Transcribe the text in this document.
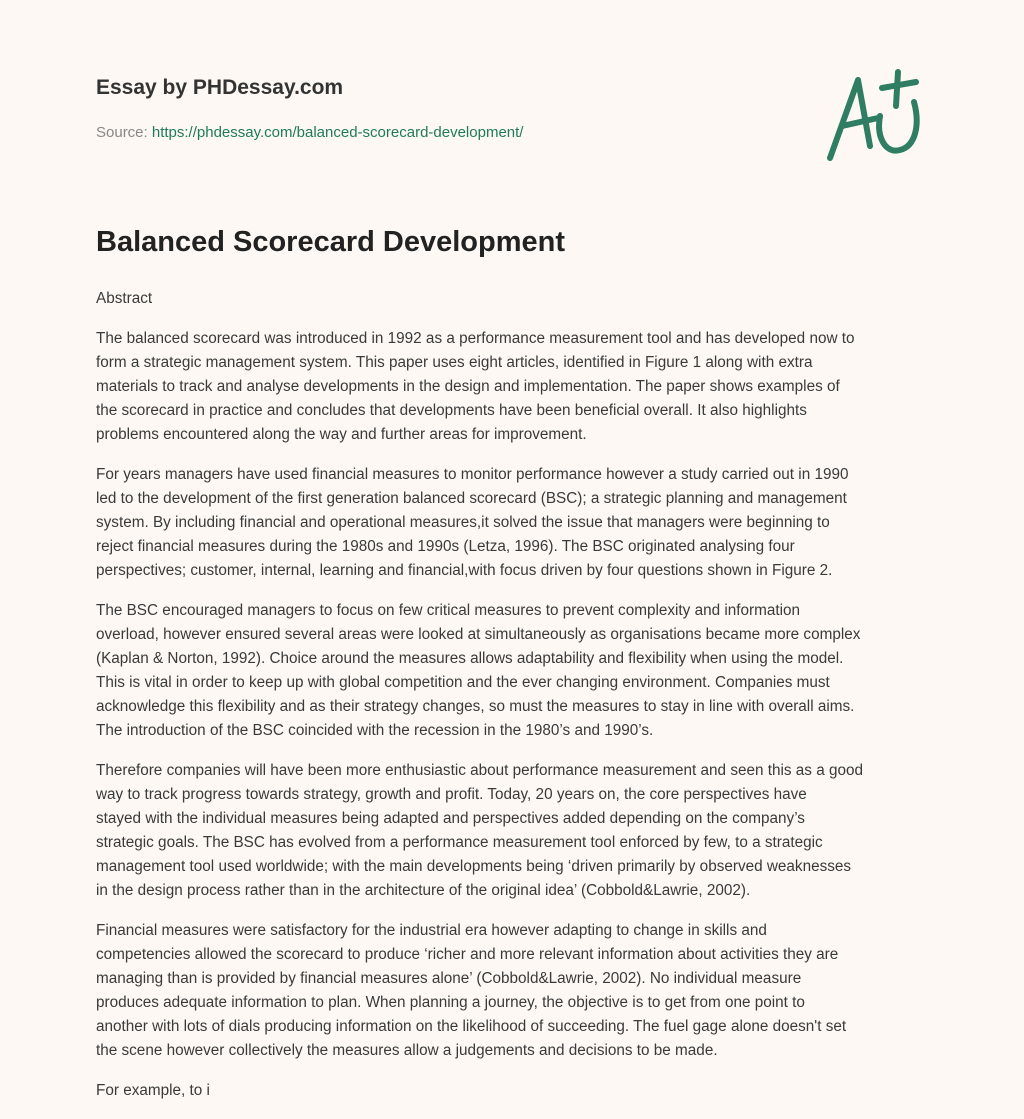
Essay by PHDessay.com
Source: https://phdessay.com/balanced-scorecard-development/
Balanced Scorecard Development

Abstract

The balanced scorecard was introduced in 1992 as a performance measurement tool and has developed now to
form a strategic management system. This paper uses eight articles, identified in Figure 1 along with extra
materials to track and analyse developments in the design and implementation. The paper shows examples of
the scorecard in practice and concludes that developments have been beneficial overall. It also highlights
problems encountered along the way and further areas for improvement.

For years managers have used financial measures to monitor performance however a study carried out in 1990
led to the development of the first generation balanced scorecard (BSC); a strategic planning and management
system. By including financial and operational measures,it solved the issue that managers were beginning to
reject financial measures during the 1980s and 1990s (Letza, 1996). The BSC originated analysing four
perspectives; customer, internal, learning and financial,with focus driven by four questions shown in Figure 2.

The BSC encouraged managers to focus on few critical measures to prevent complexity and information
overload, however ensured several areas were looked at simultaneously as organisations became more complex
(Kaplan & Norton, 1992). Choice around the measures allows adaptability and flexibility when using the model.
This is vital in order to keep up with global competition and the ever changing environment. Companies must
acknowledge this flexibility and as their strategy changes, so must the measures to stay in line with overall aims.
The introduction of the BSC coincided with the recession in the 1980’s and 1990’s.

Therefore companies will have been more enthusiastic about performance measurement and seen this as a good
way to track progress towards strategy, growth and profit. Today, 20 years on, the core perspectives have
stayed with the individual measures being adapted and perspectives added depending on the company’s
strategic goals. The BSC has evolved from a performance measurement tool enforced by few, to a strategic
management tool used worldwide; with the main developments being ‘driven primarily by observed weaknesses
in the design process rather than in the architecture of the original idea’ (Cobbold&Lawrie, 2002).

Financial measures were satisfactory for the industrial era however adapting to change in skills and
competencies allowed the scorecard to produce ‘richer and more relevant information about activities they are
managing than is provided by financial measures alone’ (Cobbold&Lawrie, 2002). No individual measure
produces adequate information to plan. When planning a journey, the objective is to get from one point to
another with lots of dials producing information on the likelihood of succeeding. The fuel gage alone doesn't set
the scene however collectively the measures allow a judgements and decisions to be made.

For example, to i
